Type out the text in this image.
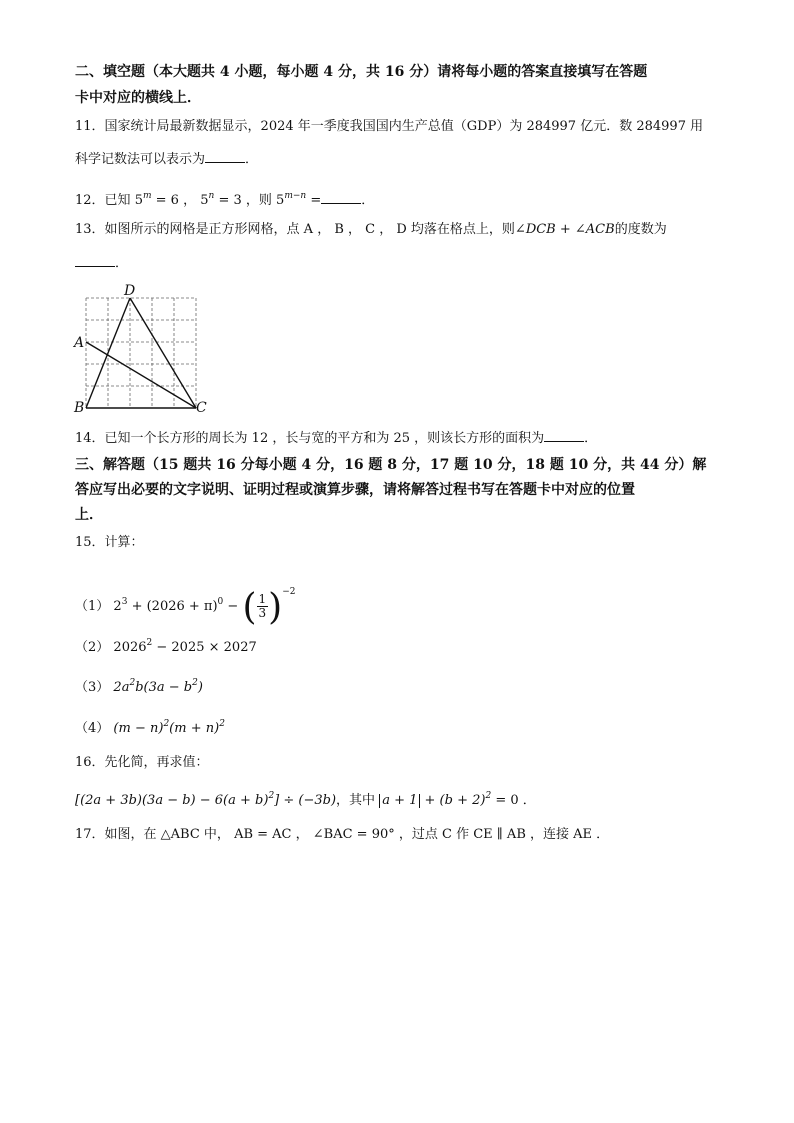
二、填空题（本大题共 4 小题，每小题 4 分，共 16 分）请将每小题的答案直接填写在答题
卡中对应的横线上．
11．国家统计局最新数据显示，2024 年一季度我国国内生产总值（GDP）为 284997 亿元．数 284997 用
科学记数法可以表示为	．
12．已知 $5^m = 6$ ， $5^n = 3$ ，则 $5^{m-n}$ =	．
13．如图所示的网格是正方形网格，点 A ， B ， C ， D 均落在格点上，则∠DCB + ∠ACB的度数为
．
D
A
B	C
14．已知一个长方形的周长为 12 ，长与宽的平方和为 25 ，则该长方形的面积为	．
三、解答题（15 题共 16 分每小题 4 分，16 题 8 分，17 题 10 分，18 题 10 分，共 44 分）解
答应写出必要的文字说明、证明过程或演算步骤，请将解答过程书写在答题卡中对应的位置
上．
15．计算：
（1） $2^3 + (2026 + \pi)^0$ − ( $\frac{1}{3} )^{-2}$
（2） $2026^2 - 2025 \times 2027$
（3） $2a^2b(3a - b^2)$
（4） $(m - n)^2(m + n)^2$
16．先化简，再求值：
$[(2a + 3b)(3a - b) - 6(a + b)^2] \div (-3b)$，其中 $a + 1 + (b + 2)^2 = 0$ ．
17．如图，在 △ABC 中， AB = AC ， ∠BAC = 90° ，过点 C 作 CE ∥ AB ，连接 AE ．
